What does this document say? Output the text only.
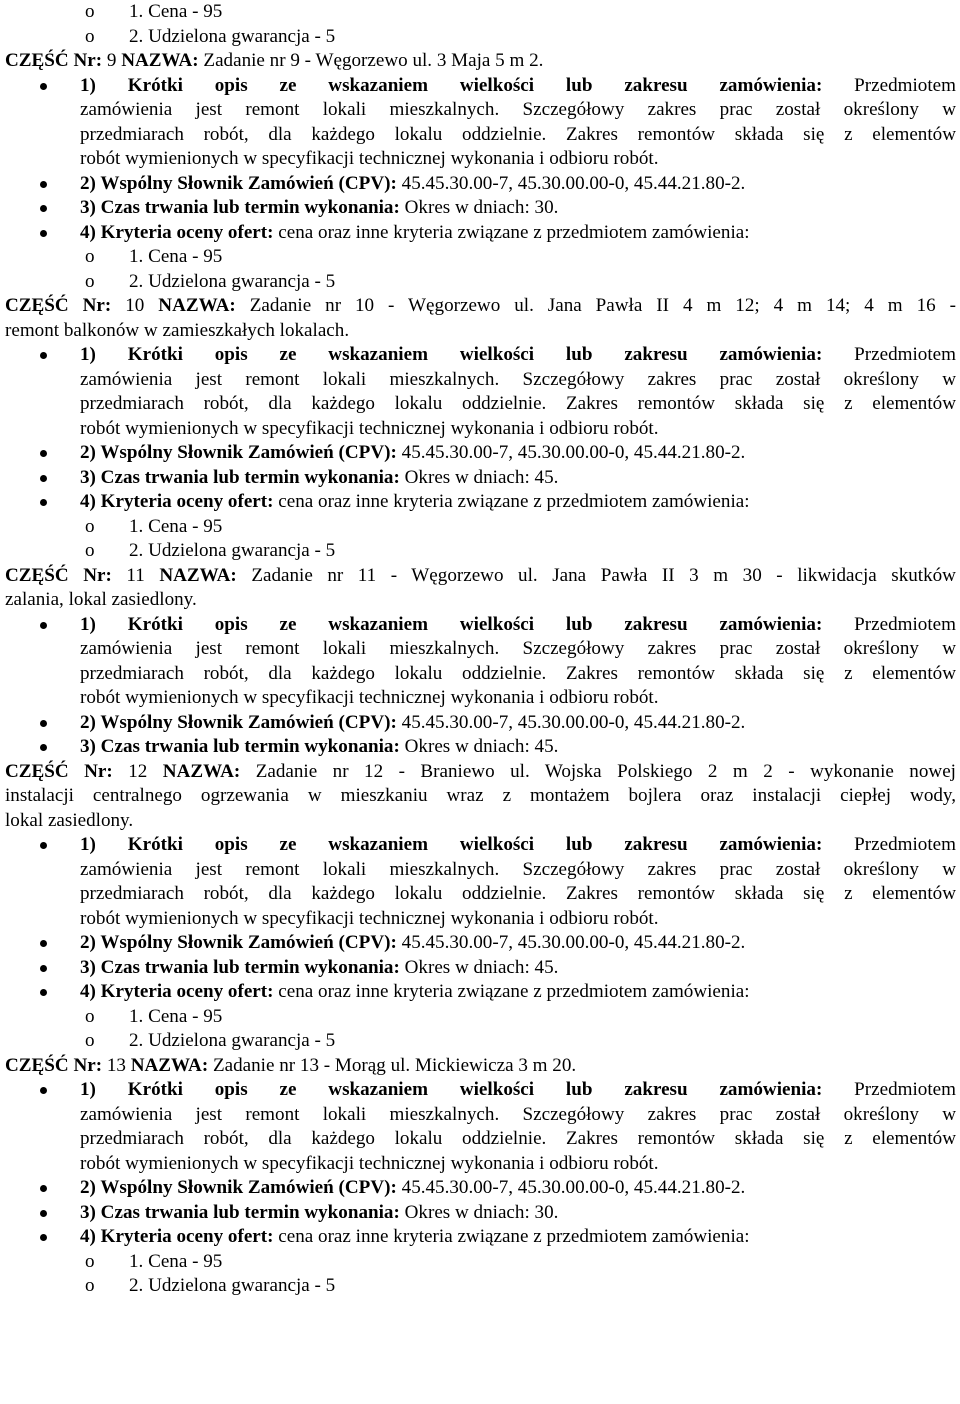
o 1. Cena - 95
o 2. Udzielona gwarancja - 5
CZĘŚĆ Nr: 9 NAZWA: Zadanie nr 9 - Węgorzewo ul. 3 Maja 5 m 2.
1) Krótki opis ze wskazaniem wielkości lub zakresu zamówienia: Przedmiotem
zamówienia jest remont lokali mieszkalnych. Szczegółowy zakres prac został określony w
przedmiarach robót, dla każdego lokalu oddzielnie. Zakres remontów składa się z elementów
robót wymienionych w specyfikacji technicznej wykonania i odbioru robót.
2) Wspólny Słownik Zamówień (CPV): 45.45.30.00-7, 45.30.00.00-0, 45.44.21.80-2.
3) Czas trwania lub termin wykonania: Okres w dniach: 30.
4) Kryteria oceny ofert: cena oraz inne kryteria związane z przedmiotem zamówienia:
o 1. Cena - 95
o 2. Udzielona gwarancja - 5
CZĘŚĆ Nr: 10 NAZWA: Zadanie nr 10 - Węgorzewo ul. Jana Pawła II 4 m 12; 4 m 14; 4 m 16 -
remont balkonów w zamieszkałych lokalach.
1) Krótki opis ze wskazaniem wielkości lub zakresu zamówienia: Przedmiotem
zamówienia jest remont lokali mieszkalnych. Szczegółowy zakres prac został określony w
przedmiarach robót, dla każdego lokalu oddzielnie. Zakres remontów składa się z elementów
robót wymienionych w specyfikacji technicznej wykonania i odbioru robót.
2) Wspólny Słownik Zamówień (CPV): 45.45.30.00-7, 45.30.00.00-0, 45.44.21.80-2.
3) Czas trwania lub termin wykonania: Okres w dniach: 45.
4) Kryteria oceny ofert: cena oraz inne kryteria związane z przedmiotem zamówienia:
o 1. Cena - 95
o 2. Udzielona gwarancja - 5
CZĘŚĆ Nr: 11 NAZWA: Zadanie nr 11 - Węgorzewo ul. Jana Pawła II 3 m 30 - likwidacja skutków
zalania, lokal zasiedlony.
1) Krótki opis ze wskazaniem wielkości lub zakresu zamówienia: Przedmiotem
zamówienia jest remont lokali mieszkalnych. Szczegółowy zakres prac został określony w
przedmiarach robót, dla każdego lokalu oddzielnie. Zakres remontów składa się z elementów
robót wymienionych w specyfikacji technicznej wykonania i odbioru robót.
2) Wspólny Słownik Zamówień (CPV): 45.45.30.00-7, 45.30.00.00-0, 45.44.21.80-2.
3) Czas trwania lub termin wykonania: Okres w dniach: 45.
CZĘŚĆ Nr: 12 NAZWA: Zadanie nr 12 - Braniewo ul. Wojska Polskiego 2 m 2 - wykonanie nowej
instalacji centralnego ogrzewania w mieszkaniu wraz z montażem bojlera oraz instalacji ciepłej wody,
lokal zasiedlony.
1) Krótki opis ze wskazaniem wielkości lub zakresu zamówienia: Przedmiotem
zamówienia jest remont lokali mieszkalnych. Szczegółowy zakres prac został określony w
przedmiarach robót, dla każdego lokalu oddzielnie. Zakres remontów składa się z elementów
robót wymienionych w specyfikacji technicznej wykonania i odbioru robót.
2) Wspólny Słownik Zamówień (CPV): 45.45.30.00-7, 45.30.00.00-0, 45.44.21.80-2.
3) Czas trwania lub termin wykonania: Okres w dniach: 45.
4) Kryteria oceny ofert: cena oraz inne kryteria związane z przedmiotem zamówienia:
o 1. Cena - 95
o 2. Udzielona gwarancja - 5
CZĘŚĆ Nr: 13 NAZWA: Zadanie nr 13 - Morąg ul. Mickiewicza 3 m 20.
1) Krótki opis ze wskazaniem wielkości lub zakresu zamówienia: Przedmiotem
zamówienia jest remont lokali mieszkalnych. Szczegółowy zakres prac został określony w
przedmiarach robót, dla każdego lokalu oddzielnie. Zakres remontów składa się z elementów
robót wymienionych w specyfikacji technicznej wykonania i odbioru robót.
2) Wspólny Słownik Zamówień (CPV): 45.45.30.00-7, 45.30.00.00-0, 45.44.21.80-2.
3) Czas trwania lub termin wykonania: Okres w dniach: 30.
4) Kryteria oceny ofert: cena oraz inne kryteria związane z przedmiotem zamówienia:
o 1. Cena - 95
o 2. Udzielona gwarancja - 5
